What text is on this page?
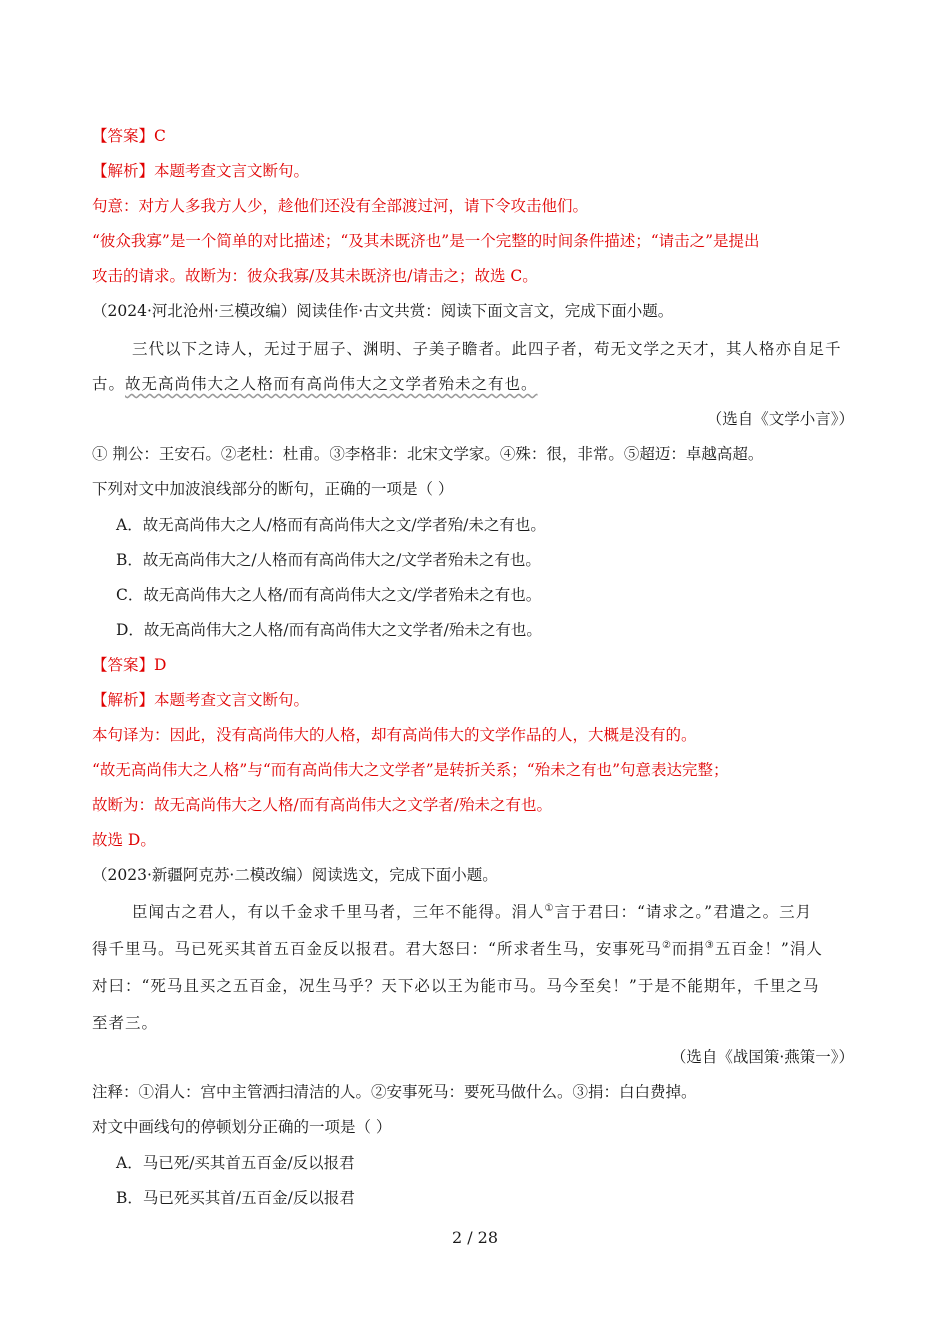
【答案】C
【解析】本题考查文言文断句。
句意：对方人多我方人少，趁他们还没有全部渡过河，请下令攻击他们。
“彼众我寡”是一个简单的对比描述；“及其未既济也”是一个完整的时间条件描述；“请击之”是提出
攻击的请求。故断为：彼众我寡/及其未既济也/请击之；故选 C。
（2024·河北沧州·三模改编）阅读佳作·古文共赏：阅读下面文言文，完成下面小题。
三代以下之诗人，无过于屈子、渊明、子美子瞻者。此四子者，苟无文学之天才，其人格亦自足千
古。故无高尚伟大之人格而有高尚伟大之文学者殆未之有也。
（选自《文学小言》）
① 荆公：王安石。②老杜：杜甫。③李格非：北宋文学家。④殊：很，非常。⑤超迈：卓越高超。
下列对文中加波浪线部分的断句，正确的一项是（ ）
A．故无高尚伟大之人/格而有高尚伟大之文/学者殆/未之有也。
B．故无高尚伟大之/人格而有高尚伟大之/文学者殆未之有也。
C．故无高尚伟大之人格/而有高尚伟大之文/学者殆未之有也。
D．故无高尚伟大之人格/而有高尚伟大之文学者/殆未之有也。
【答案】D
【解析】本题考查文言文断句。
本句译为：因此，没有高尚伟大的人格，却有高尚伟大的文学作品的人，大概是没有的。
“故无高尚伟大之人格”与“而有高尚伟大之文学者”是转折关系；“殆未之有也”句意表达完整；
故断为：故无高尚伟大之人格/而有高尚伟大之文学者/殆未之有也。
故选 D。
（2023·新疆阿克苏·二模改编）阅读选文，完成下面小题。
臣闻古之君人，有以千金求千里马者，三年不能得。涓人①言于君曰：“请求之。”君遣之。三月
得千里马。马已死买其首五百金反以报君。君大怒曰：“所求者生马，安事死马②而捐③五百金！”涓人
对曰：“死马且买之五百金，况生马乎？天下必以王为能市马。马今至矣！”于是不能期年，千里之马
至者三。
（选自《战国策·燕策一》）
注释：①涓人：宫中主管洒扫清洁的人。②安事死马：要死马做什么。③捐：白白费掉。
对文中画线句的停顿划分正确的一项是（ ）
A．马已死/买其首五百金/反以报君
B．马已死买其首/五百金/反以报君
2 / 28
